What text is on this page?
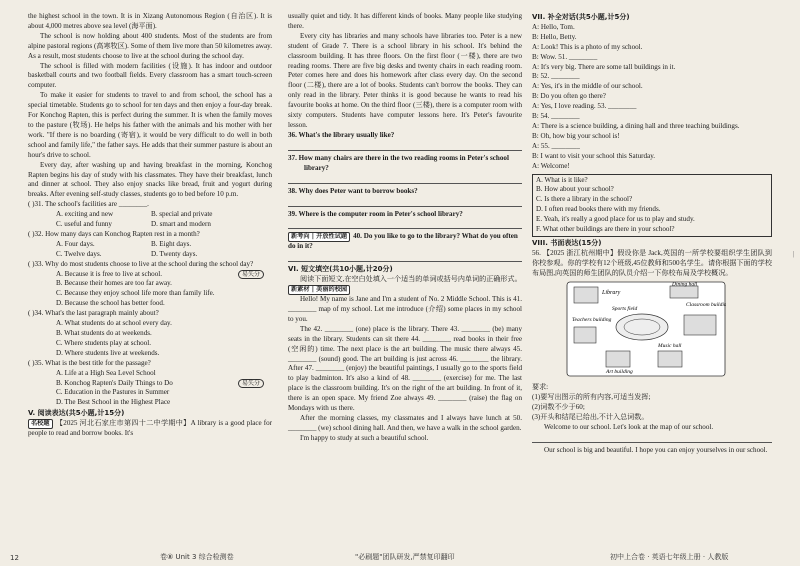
the highest school in the town. It is in Xizang Autonomous Region (自治区). It is about 4,000 metres above sea level (海平面).

The school is now holding about 400 students. Most of the students are from alpine pastoral regions (高寒牧区). Some of them live more than 50 kilometres away. As a result, most students choose to live at the school during the school day.

The school is filled with modern facilities (设施). It has indoor and outdoor basketball courts and two football fields. Every classroom has a smart touch-screen computer.

To make it easier for students to travel to and from school, the school has a special timetable. Students go to school for ten days and then enjoy a four-day break. For Konchog Rapten, this is perfect during the summer. It is when the family moves to the pasture (牧场). He helps his father with the animals and his mother with her work. "If there is no boarding (寄宿), it would be very difficult to do well in both school and family life," the father says. He adds that their summer pasture is about an hour's drive to school.

Every day, after washing up and having breakfast in the morning, Konchog Rapten begins his day of study with his classmates. They have their breakfast, lunch and dinner at school. They also enjoy snacks like bread, fruit and yogurt during breaks. After evening self-study classes, students go to bed before 10 p.m.

( )31. The school's facilities are ________.

A. exciting and new	B. special and private
C. useful and funny	D. smart and modern

( )32. How many days can Konchog Rapten rest in a month?

A. Four days.	B. Eight days.
C. Twelve days.	D. Twenty days.

( )33. Why do most students choose to live at the school during the school day?

A. Because it is free to live at school.	易失分

B. Because their homes are too far away.

C. Because they enjoy school life more than family life.

D. Because the school has better food.

( )34. What's the last paragraph mainly about?

A. What students do at school every day.

B. What students do at weekends.

C. Where students play at school.

D. Where students live at weekends.

( )35. What is the best title for the passage?

A. Life at a High Sea Level School

B. Konchog Rapten's Daily Things to Do	易失分

C. Education in the Pastures in Summer

D. The Best School in the Highest Place

V. 阅读表达(共5小题,计15分)

名校题 【2025 河北石家庄市第四十二中学期中】A library is a good place for people to read and borrow books. It's

usually quiet and tidy. It has different kinds of books. Many people like studying there.

Every city has libraries and many schools have libraries too. Peter is a new student of Grade 7. There is a school library in his school. It's behind the classroom building. It has three floors. On the first floor (一楼), there are two reading rooms. There are five big desks and twenty chairs in each reading room. Peter comes here and does his homework after class every day. On the second floor (二楼), there are a lot of books. Students can't borrow the books. They can only read in the library. Peter thinks it is good because he wants to read his favourite books at home. On the third floor (三楼), there is a computer room with sixty computers. Students have computer lessons here. It's Peter's favourite lesson.

36. What's the library usually like?

37. How many chairs are there in the two reading rooms in Peter's school library?

38. Why does Peter want to borrow books?

39. Where is the computer room in Peter's school library?

新考向 | 开放性试题 40. Do you like to go to the library? What do you often do in it?

VI. 短文填空(共10小题,计20分)

阅读下面短文,在空白处填入一个适当的单词或括号内单词的正确形式。

新素材 | 美丽的校园

Hello! My name is Jane and I'm a student of No. 2 Middle School. This is 41. ________ map of my school. Let me introduce (介绍) some places in my school to you.

The 42. ________ (one) place is the library. There 43. ________ (be) many seats in the library. Students can sit there 44. ________ read books in their free (空闲的) time. The next place is the art building. The music there always 45. ________ (sound) good. The art building is just across 46. ________ the library. After 47. ________ (enjoy) the beautiful paintings, I usually go to the sports field to play badminton. It's also a kind of 48. ________ (exercise) for me. The last place is the classroom building. It's on the right of the art building. In front of it, there is an open space. My friend Zoe always 49. ________ (raise) the flag on Mondays with us there.

After the morning classes, my classmates and I always have lunch at 50. ________ (we) school dining hall. And then, we have a walk in the school garden.

I'm happy to study at such a beautiful school.

VII. 补全对话(共5小题,计5分)

A: Hello, Tom.

B: Hello, Betty.

A: Look! This is a photo of my school.

B: Wow. 51. ________

A: It's very big. There are some tall buildings in it.

B: 52. ________

A: Yes, it's in the middle of our school.

B: Do you often go there?

A: Yes, I love reading. 53. ________

B: 54. ________

A: There is a science building, a dining hall and three teaching buildings.

B: Oh, how big your school is!

A: 55. ________

B: I want to visit your school this Saturday.

A: Welcome!

A. What is it like?

B. How about your school?

C. Is there a library in the school?

D. I often read books there with my friends.

E. Yeah, it's really a good place for us to play and study.

F. What other buildings are there in your school?

VIII. 书面表达(15分)

56. 【2025 浙江杭州期中】假设你是 Jack,英国的一所学校要组织学生团队到你校参观。你的学校有12个班级,45位教师和500名学生。请你根据下面的学校布局图,向英国的师生团队的队员介绍一下你校布局及学校概况。

Library
Dining hall
Sports field
Classroom building
Teachers building
Art building
Music hall

要求:

(1)要写出图示的所有内容,可适当发挥;

(2)词数不少于60;

(3)开头和结尾已给出,不计入总词数。

Welcome to our school. Let's look at the map of our school.

Our school is big and beautiful. I hope you can enjoy yourselves in our school.

|
12	卷⑧ Unit 3 综合检测卷	"必刷题"团队研发,严禁复印翻印	初中上合卷 · 英语七年级上册 · 人教版
